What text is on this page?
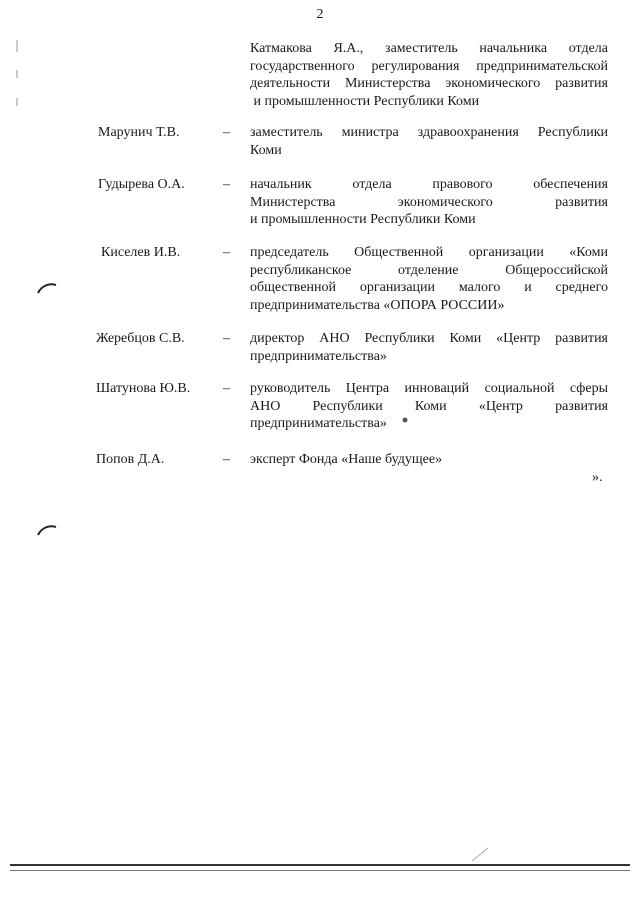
2

Катмакова Я.А., заместитель начальника отдела
государственного регулирования предпринимательской
деятельности Министерства экономического развития
и промышленности Республики Коми

Марунич Т.В.	– заместитель министра здравоохранения Республики
Коми
Гудырева О.А.	– начальник отдела правового обеспечения
Министерства экономического развития
и промышленности Республики Коми
Киселев И.В.	– председатель Общественной организации «Коми
республиканское отделение Общероссийской
общественной организации малого и среднего
предпринимательства «ОПОРА РОССИИ»
Жеребцов С.В.	– директор АНО Республики Коми «Центр развития
предпринимательства»
Шатунова Ю.В. – руководитель Центра инноваций социальной сферы
АНО Республики Коми «Центр развития
предпринимательства»
Попов Д.А.	– эксперт Фонда «Наше будущее»
».
